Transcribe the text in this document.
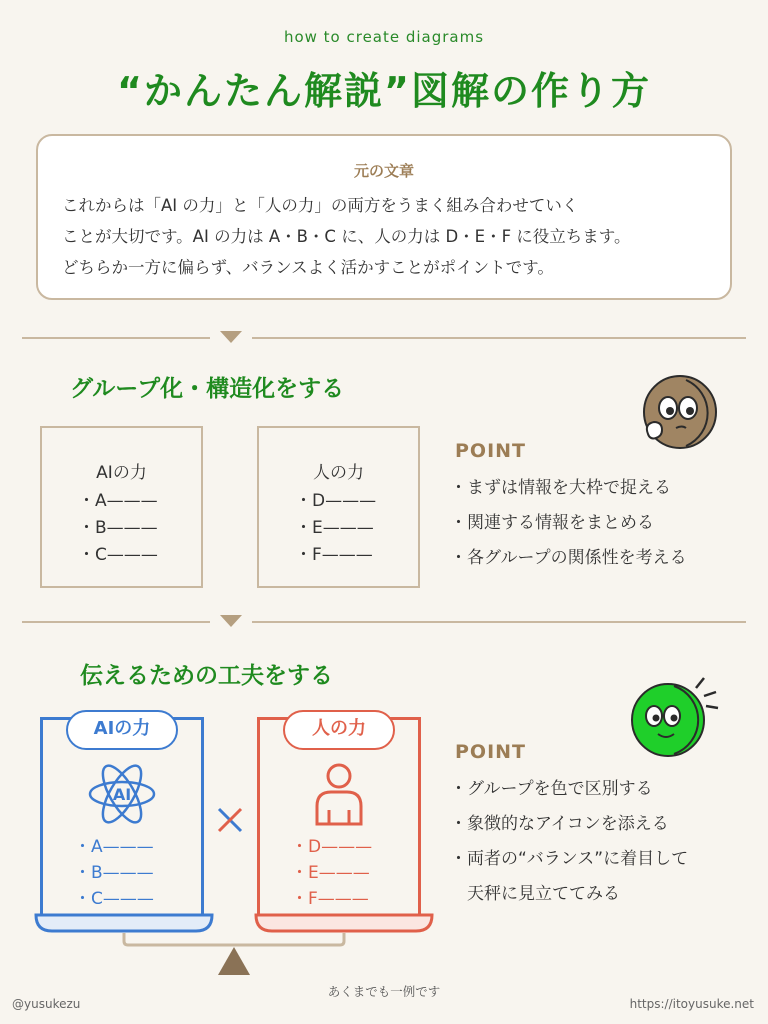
how to create diagrams
“かんたん解説”図解の作り方
元の文章
これからは「AI の力」と「人の力」の両方をうまく組み合わせていく
ことが大切です。AI の力は A・B・C に、人の力は D・E・F に役立ちます。
どちらか一方に偏らず、バランスよく活かすことがポイントです。
グループ化・構造化をする
AIの力
・A———
・B———
・C———
人の力
・D———
・E———
・F———
POINT
・まずは情報を大枠で捉える
・関連する情報をまとめる
・各グループの関係性を考える
伝えるための工夫をする
AIの力
AI
・A———
・B———
・C———
人の力
・D———
・E———
・F———
POINT
・グループを色で区別する
・象徴的なアイコンを添える
・両者の“バランス”に着目して
　天秤に見立ててみる
あくまでも一例です
@yusukezu	https://itoyusuke.net
